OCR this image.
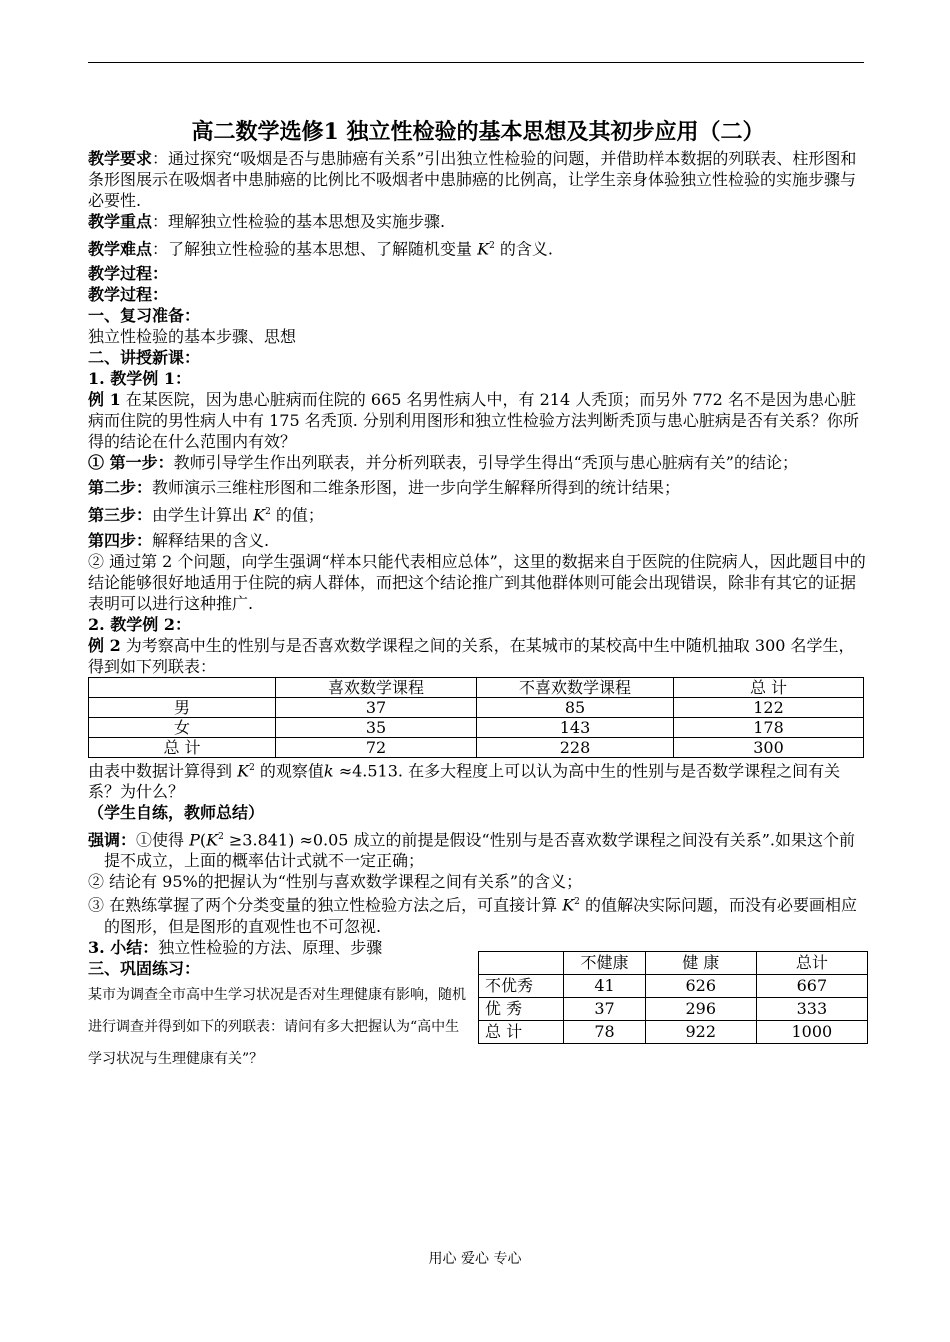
高二数学选修1 独立性检验的基本思想及其初步应用（二）

教学要求：通过探究“吸烟是否与患肺癌有关系”引出独立性检验的问题，并借助样本数据的列联表、柱形图和条形图展示在吸烟者中患肺癌的比例比不吸烟者中患肺癌的比例高，让学生亲身体验独立性检验的实施步骤与必要性.

教学重点：理解独立性检验的基本思想及实施步骤.

教学难点：了解独立性检验的基本思想、了解随机变量 $K^2$ 的含义.

教学过程：

教学过程：

一、复习准备：

独立性检验的基本步骤、思想

二、讲授新课：

1. 教学例 1：

例 1 在某医院，因为患心脏病而住院的 665 名男性病人中，有 214 人秃顶；而另外 772 名不是因为患心脏病而住院的男性病人中有 175 名秃顶. 分别利用图形和独立性检验方法判断秃顶与患心脏病是否有关系？你所得的结论在什么范围内有效？

① 第一步：教师引导学生作出列联表，并分析列联表，引导学生得出“秃顶与患心脏病有关”的结论；

第二步：教师演示三维柱形图和二维条形图，进一步向学生解释所得到的统计结果；

第三步：由学生计算出 $K^2$ 的值；

第四步：解释结果的含义.

② 通过第 2 个问题，向学生强调“样本只能代表相应总体”，这里的数据来自于医院的住院病人，因此题目中的结论能够很好地适用于住院的病人群体，而把这个结论推广到其他群体则可能会出现错误，除非有其它的证据表明可以进行这种推广.

2. 教学例 2：

例 2 为考察高中生的性别与是否喜欢数学课程之间的关系，在某城市的某校高中生中随机抽取 300 名学生，得到如下列联表：

	喜欢数学课程	不喜欢数学课程	总 计
男	37	85	122
女	35	143	178
总 计	72	228	300

由表中数据计算得到 $K^2$ 的观察值k ≈4.513. 在多大程度上可以认为高中生的性别与是否数学课程之间有关系？为什么？

（学生自练，教师总结）

强调：①使得 $P(K^2 \ge 3.841) \approx 0.05$ 成立的前提是假设“性别与是否喜欢数学课程之间没有关系”.如果这个前提不成立，上面的概率估计式就不一定正确；

② 结论有 95%的把握认为“性别与喜欢数学课程之间有关系”的含义；

③ 在熟练掌握了两个分类变量的独立性检验方法之后，可直接计算 $K^2$ 的值解决实际问题，而没有必要画相应的图形，但是图形的直观性也不可忽视.

3. 小结：独立性检验的方法、原理、步骤

三、巩固练习：

某市为调查全市高中生学习状况是否对生理健康有影响，随机进行调查并得到如下的列联表：请问有多大把握认为“高中生学习状况与生理健康有关”？

	不健康	健 康	总计
不优秀	41	626	667
优 秀	37	296	333
总 计	78	922	1000
用心 爱心 专心
